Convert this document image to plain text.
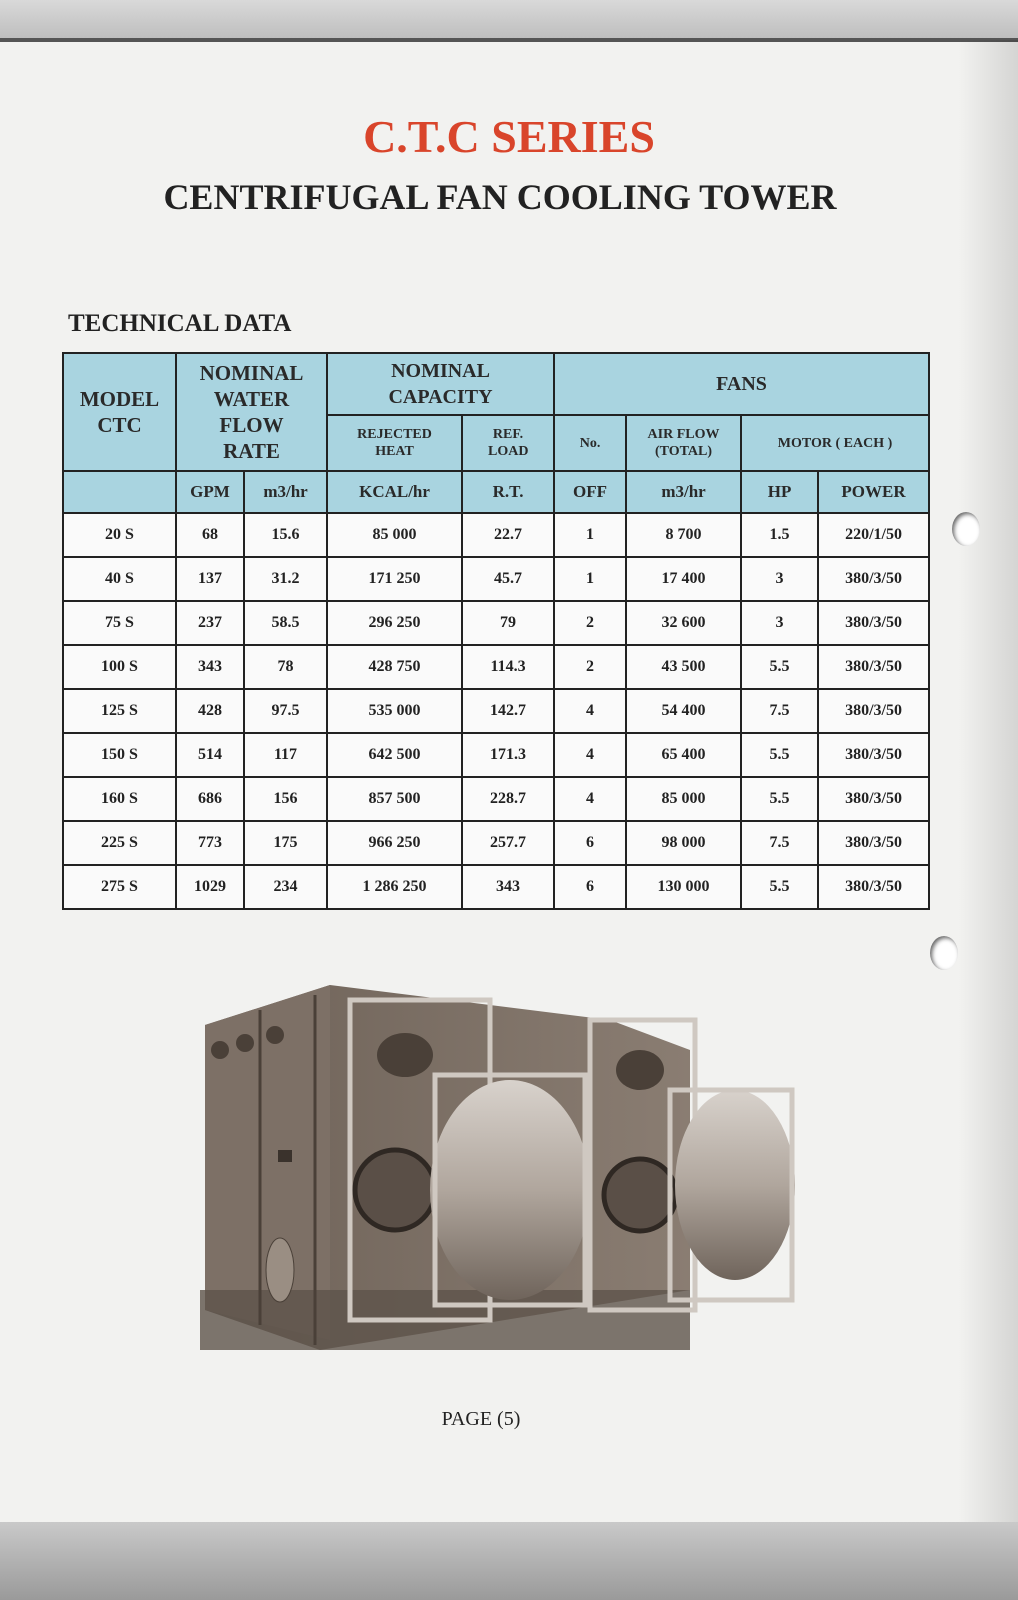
C.T.C SERIES
CENTRIFUGAL FAN COOLING TOWER
TECHNICAL DATA
MODEL CTC	NOMINAL WATER FLOW RATE		NOMINAL CAPACITY		FANS			
			REJECTED HEAT	REF. LOAD	No.	AIR FLOW (TOTAL)	MOTOR ( EACH )	
	GPM	m3/hr	KCAL/hr	R.T.	OFF	m3/hr	HP	POWER
20 S	68	15.6	85 000	22.7	1	8 700	1.5	220/1/50
40 S	137	31.2	171 250	45.7	1	17 400	3	380/3/50
75 S	237	58.5	296 250	79	2	32 600	3	380/3/50
100 S	343	78	428 750	114.3	2	43 500	5.5	380/3/50
125 S	428	97.5	535 000	142.7	4	54 400	7.5	380/3/50
150 S	514	117	642 500	171.3	4	65 400	5.5	380/3/50
160 S	686	156	857 500	228.7	4	85 000	5.5	380/3/50
225 S	773	175	966 250	257.7	6	98 000	7.5	380/3/50
275 S	1029	234	1 286 250	343	6	130 000	5.5	380/3/50
PAGE (5)
